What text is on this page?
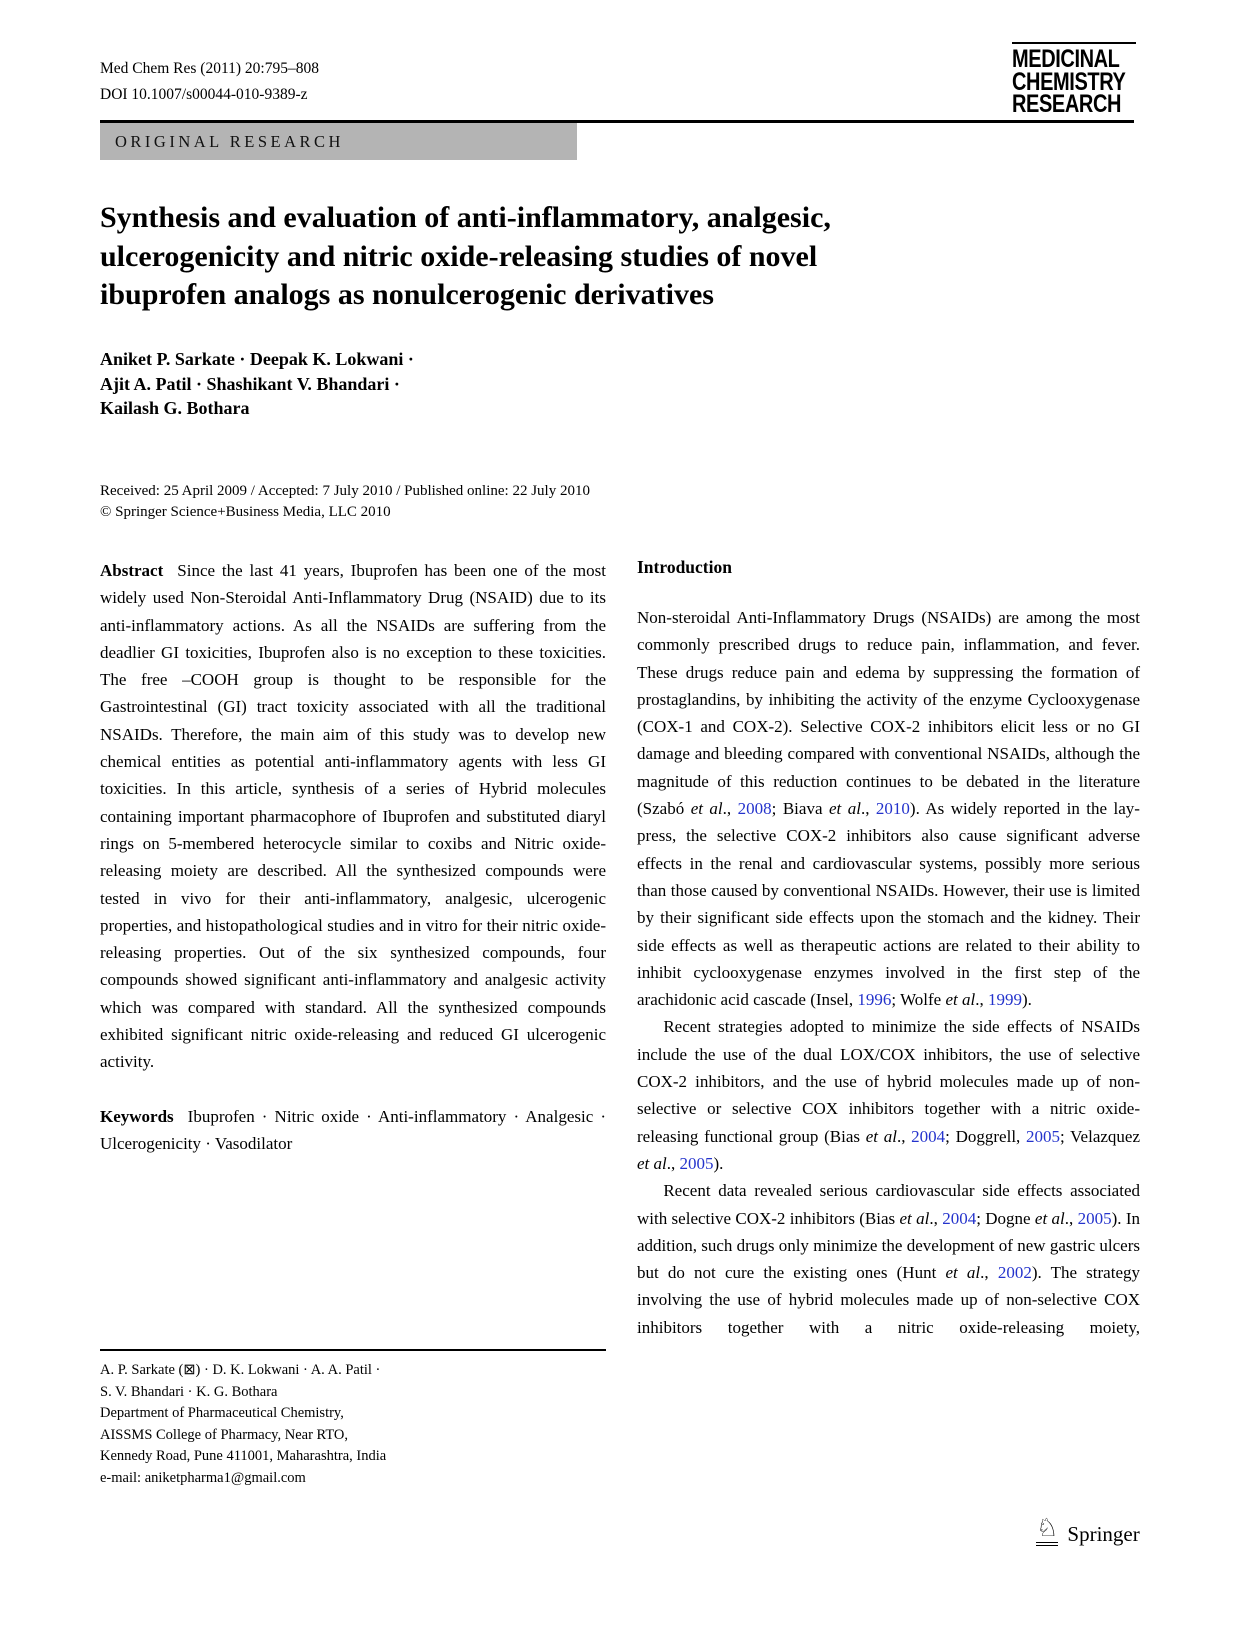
Med Chem Res (2011) 20:795–808
DOI 10.1007/s00044-010-9389-z
MEDICINAL
CHEMISTRY
RESEARCH
ORIGINAL RESEARCH
Synthesis and evaluation of anti-inflammatory, analgesic,
ulcerogenicity and nitric oxide-releasing studies of novel
ibuprofen analogs as nonulcerogenic derivatives
Aniket P. Sarkate · Deepak K. Lokwani ·
Ajit A. Patil · Shashikant V. Bhandari ·
Kailash G. Bothara
Received: 25 April 2009 / Accepted: 7 July 2010 / Published online: 22 July 2010
© Springer Science+Business Media, LLC 2010

Abstract Since the last 41 years, Ibuprofen has been one of the most widely used Non-Steroidal Anti-Inflammatory Drug (NSAID) due to its anti-inflammatory actions. As all the NSAIDs are suffering from the deadlier GI toxicities, Ibuprofen also is no exception to these toxicities. The free –COOH group is thought to be responsible for the Gastrointestinal (GI) tract toxicity associated with all the traditional NSAIDs. Therefore, the main aim of this study was to develop new chemical entities as potential anti-inflammatory agents with less GI toxicities. In this article, synthesis of a series of Hybrid molecules containing important pharmacophore of Ibuprofen and substituted diaryl rings on 5-membered heterocycle similar to coxibs and Nitric oxide-releasing moiety are described. All the synthesized compounds were tested in vivo for their anti-inflammatory, analgesic, ulcerogenic properties, and histopathological studies and in vitro for their nitric oxide-releasing properties. Out of the six synthesized compounds, four compounds showed significant anti-inflammatory and analgesic activity which was compared with standard. All the synthesized compounds exhibited significant nitric oxide-releasing and reduced GI ulcerogenic activity.

Keywords Ibuprofen · Nitric oxide · Anti-inflammatory · Analgesic · Ulcerogenicity · Vasodilator

Introduction

Non-steroidal Anti-Inflammatory Drugs (NSAIDs) are among the most commonly prescribed drugs to reduce pain, inflammation, and fever. These drugs reduce pain and edema by suppressing the formation of prostaglandins, by inhibiting the activity of the enzyme Cyclooxygenase (COX-1 and COX-2). Selective COX-2 inhibitors elicit less or no GI damage and bleeding compared with conventional NSAIDs, although the magnitude of this reduction continues to be debated in the literature (Szabó et al., 2008; Biava et al., 2010). As widely reported in the lay-press, the selective COX-2 inhibitors also cause significant adverse effects in the renal and cardiovascular systems, possibly more serious than those caused by conventional NSAIDs. However, their use is limited by their significant side effects upon the stomach and the kidney. Their side effects as well as therapeutic actions are related to their ability to inhibit cyclooxygenase enzymes involved in the first step of the arachidonic acid cascade (Insel, 1996; Wolfe et al., 1999).

Recent strategies adopted to minimize the side effects of NSAIDs include the use of the dual LOX/COX inhibitors, the use of selective COX-2 inhibitors, and the use of hybrid molecules made up of non-selective or selective COX inhibitors together with a nitric oxide-releasing functional group (Bias et al., 2004; Doggrell, 2005; Velazquez et al., 2005).

Recent data revealed serious cardiovascular side effects associated with selective COX-2 inhibitors (Bias et al., 2004; Dogne et al., 2005). In addition, such drugs only minimize the development of new gastric ulcers but do not cure the existing ones (Hunt et al., 2002). The strategy involving the use of hybrid molecules made up of non-selective COX inhibitors together with a nitric oxide-releasing moiety,

A. P. Sarkate (⊠) · D. K. Lokwani · A. A. Patil ·
S. V. Bhandari · K. G. Bothara
Department of Pharmaceutical Chemistry,
AISSMS College of Pharmacy, Near RTO,
Kennedy Road, Pune 411001, Maharashtra, India
e-mail: aniketpharma1@gmail.com
♘ Springer
